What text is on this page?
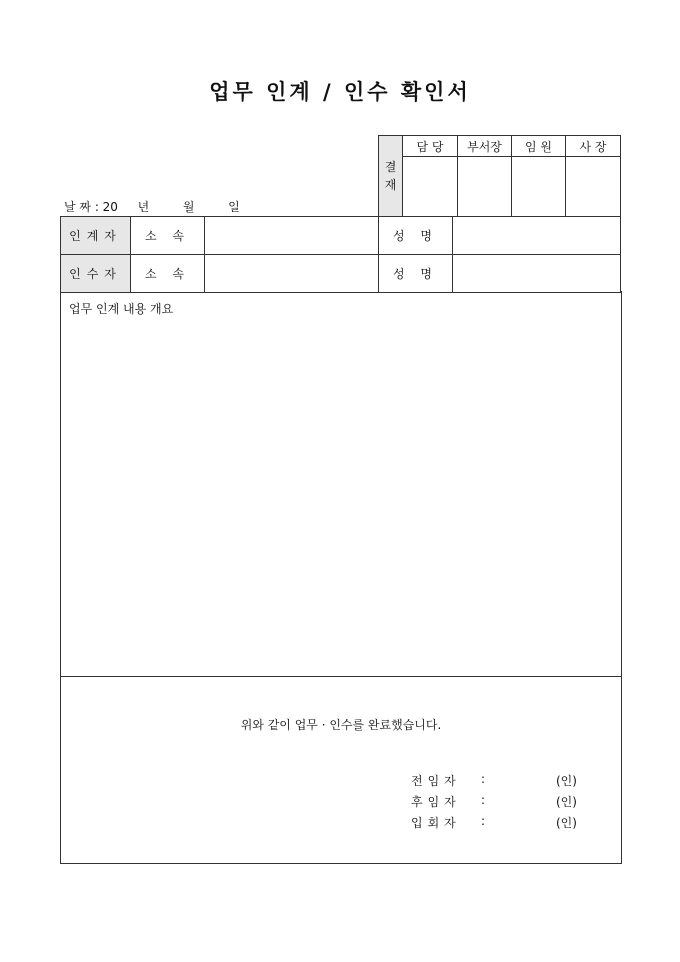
업무 인계 / 인수 확인서
날 짜 : 20 년	월	일
결
재	담 당	부서장	임 원	사 장

인계자	소 속		성 명	
인수자	소 속		성 명	
업무 인계 내용 개요
위와 같이 업무 · 인수를 완료했습니다.
전임자 :	(인)
후임자 :	(인)
입회자 :	(인)
